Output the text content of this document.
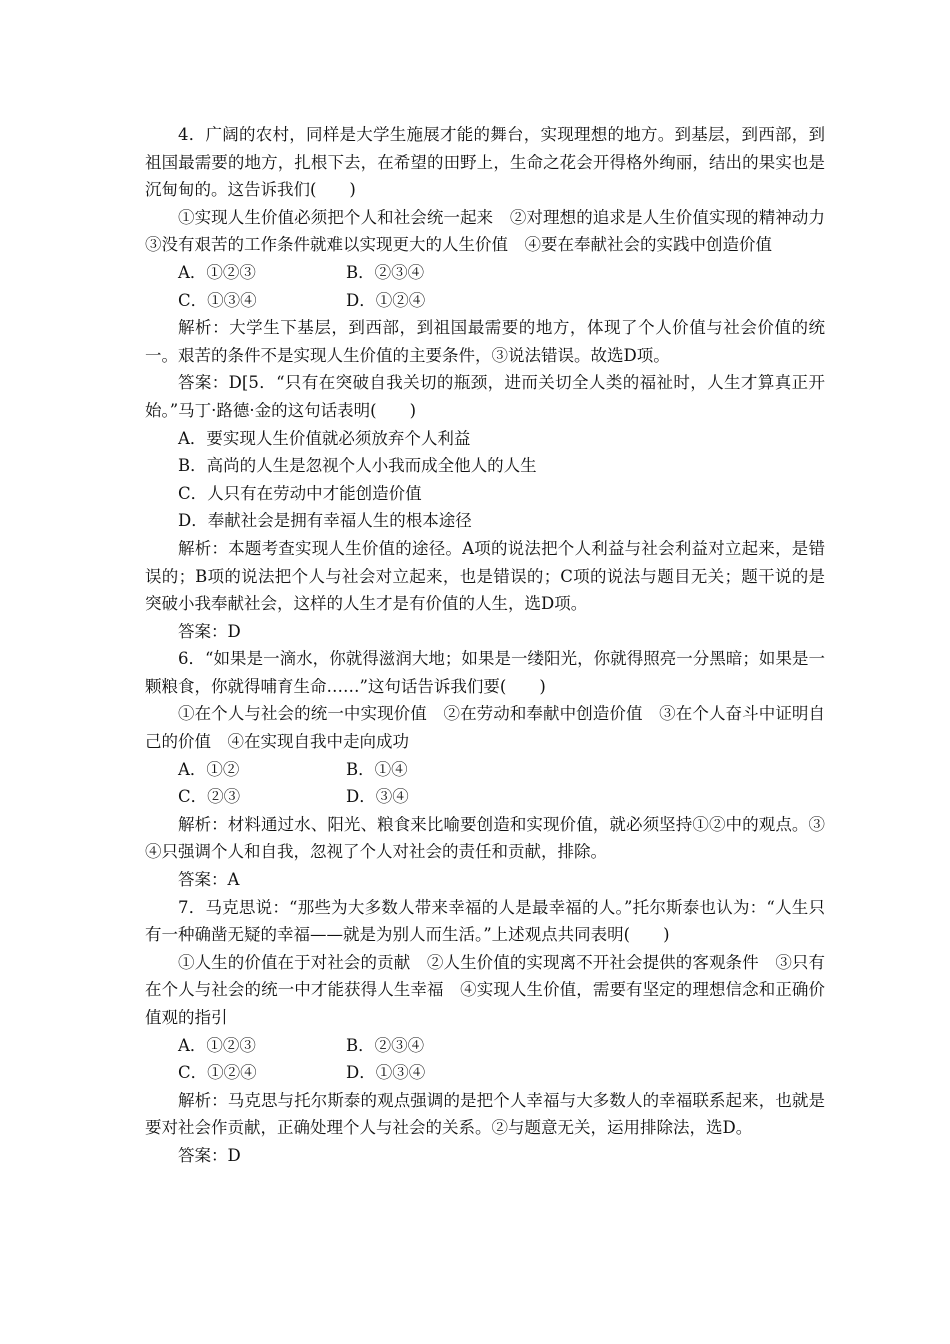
4．广阔的农村，同样是大学生施展才能的舞台，实现理想的地方。到基层，到西部，到祖国最需要的地方，扎根下去，在希望的田野上，生命之花会开得格外绚丽，结出的果实也是沉甸甸的。这告诉我们(　　)

①实现人生价值必须把个人和社会统一起来　②对理想的追求是人生价值实现的精神动力　③没有艰苦的工作条件就难以实现更大的人生价值　④要在奉献社会的实践中创造价值

A．①②③	B．②③④
C．①③④	D．①②④

解析：大学生下基层，到西部，到祖国最需要的地方，体现了个人价值与社会价值的统一。艰苦的条件不是实现人生价值的主要条件，③说法错误。故选D项。

答案：D[5．“只有在突破自我关切的瓶颈，进而关切全人类的福祉时，人生才算真正开始。”马丁·路德·金的这句话表明(　　)

A．要实现人生价值就必须放弃个人利益

B．高尚的人生是忽视个人小我而成全他人的人生

C．人只有在劳动中才能创造价值

D．奉献社会是拥有幸福人生的根本途径

解析：本题考查实现人生价值的途径。A项的说法把个人利益与社会利益对立起来，是错误的；B项的说法把个人与社会对立起来，也是错误的；C项的说法与题目无关；题干说的是突破小我奉献社会，这样的人生才是有价值的人生，选D项。

答案：D

6．“如果是一滴水，你就得滋润大地；如果是一缕阳光，你就得照亮一分黑暗；如果是一颗粮食，你就得哺育生命……”这句话告诉我们要(　　)

①在个人与社会的统一中实现价值　②在劳动和奉献中创造价值　③在个人奋斗中证明自己的价值　④在实现自我中走向成功

A．①②	B．①④
C．②③	D．③④

解析：材料通过水、阳光、粮食来比喻要创造和实现价值，就必须坚持①②中的观点。③④只强调个人和自我，忽视了个人对社会的责任和贡献，排除。

答案：A

7．马克思说：“那些为大多数人带来幸福的人是最幸福的人。”托尔斯泰也认为：“人生只有一种确凿无疑的幸福——就是为别人而生活。”上述观点共同表明(　　)

①人生的价值在于对社会的贡献　②人生价值的实现离不开社会提供的客观条件　③只有在个人与社会的统一中才能获得人生幸福　④实现人生价值，需要有坚定的理想信念和正确价值观的指引

A．①②③	B．②③④
C．①②④	D．①③④

解析：马克思与托尔斯泰的观点强调的是把个人幸福与大多数人的幸福联系起来，也就是要对社会作贡献，正确处理个人与社会的关系。②与题意无关，运用排除法，选D。

答案：D
